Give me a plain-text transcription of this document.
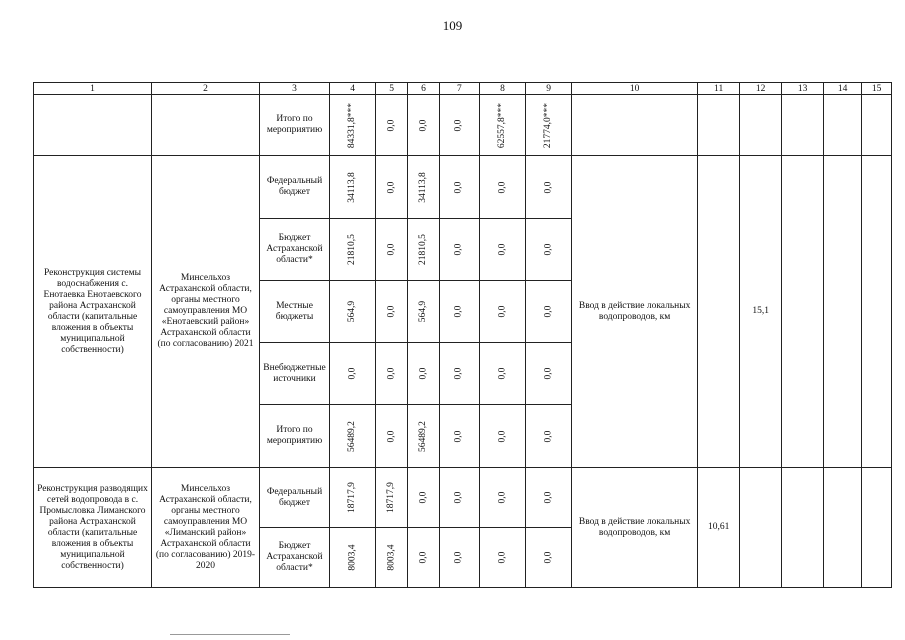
109
1	2	3	4	5	6	7	8	9	10	11	12	13	14	15

		Итого по мероприятию	84331,8***	0,0	0,0	0,0	62557,8***	21774,0***						

Реконструкция системы водоснабжения с. Енотаевка Енотаевского района Астраханской области (капитальные вложения в объекты муниципальной собственности)	Минсельхоз Астраханской области, органы местного самоуправления МО «Енотаевский район» Астраханской области (по согласованию) 2021	Федеральный бюджет	34113,8	0,0	34113,8	0,0	0,0	0,0	Ввод в действие локальных водопроводов, км		15,1			

		Бюджет Астраханской области*	21810,5	0,0	21810,5	0,0	0,0	0,0						

		Местные бюджеты	564,9	0,0	564,9	0,0	0,0	0,0						

		Внебюджетные источники	0,0	0,0	0,0	0,0	0,0	0,0						

		Итого по мероприятию	56489,2	0,0	56489,2	0,0	0,0	0,0						

Реконструкция разводящих сетей водопровода в с. Промысловка Лиманского района Астраханской области (капитальные вложения в объекты муниципальной собственности)	Минсельхоз Астраханской области, органы местного самоуправления МО «Лиманский район» Астраханской области (по согласованию) 2019-2020	Федеральный бюджет	18717,9	18717,9	0,0	0,0	0,0	0,0	Ввод в действие локальных водопроводов, км	10,61				

		Бюджет Астраханской области*	8003,4	8003,4	0,0	0,0	0,0	0,0						
